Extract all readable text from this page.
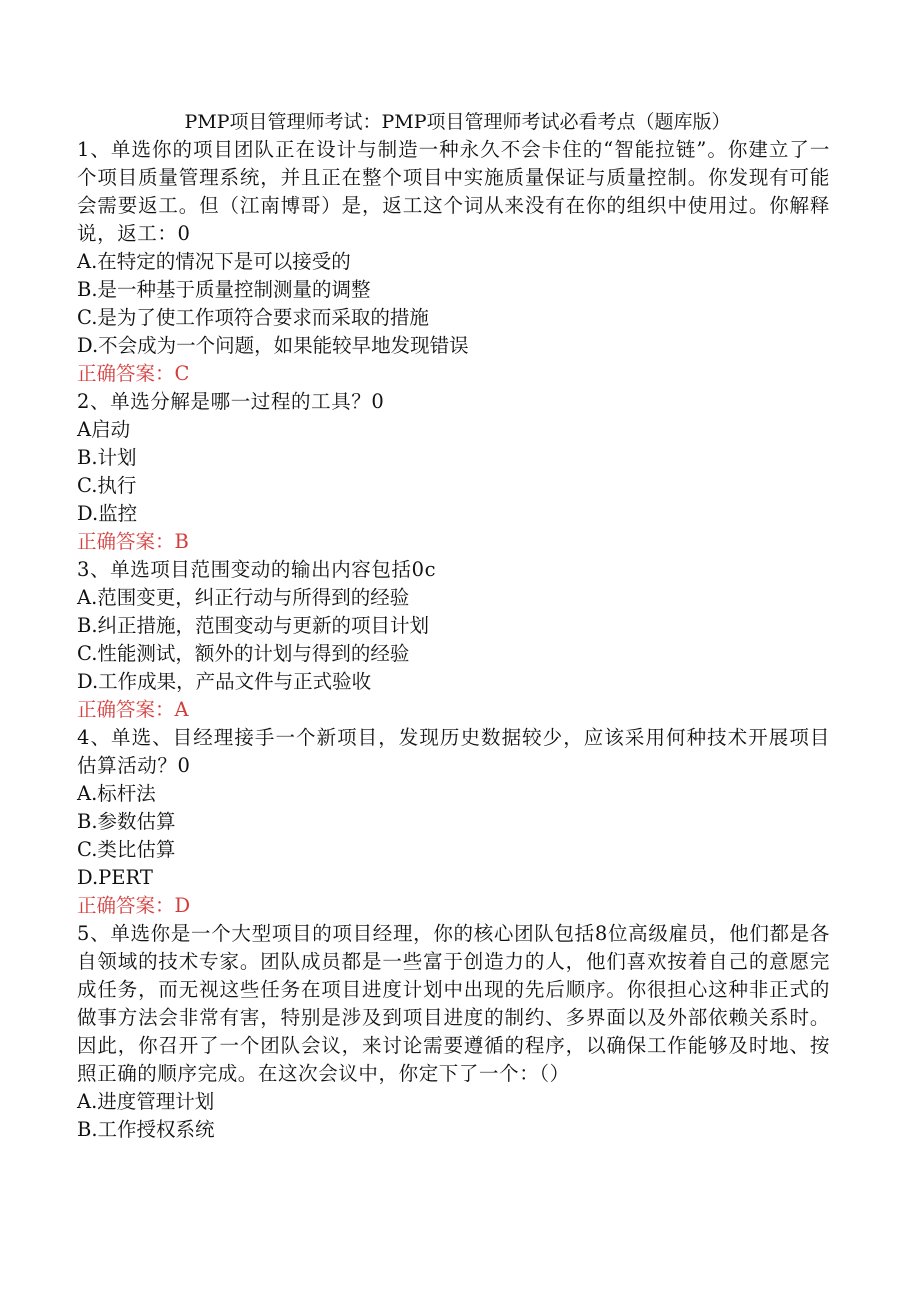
PMP项目管理师考试：PMP项目管理师考试必看考点（题库版）

1、单选你的项目团队正在设计与制造一种永久不会卡住的“智能拉链”。你建立了一个项目质量管理系统，并且正在整个项目中实施质量保证与质量控制。你发现有可能会需要返工。但（江南博哥）是，返工这个词从来没有在你的组织中使用过。你解释说，返工：0

A.在特定的情况下是可以接受的

B.是一种基于质量控制测量的调整

C.是为了使工作项符合要求而采取的措施

D.不会成为一个问题，如果能较早地发现错误

正确答案：C

2、单选分解是哪一过程的工具？0

A启动

B.计划

C.执行

D.监控

正确答案：B

3、单选项目范围变动的输出内容包括0c

A.范围变更，纠正行动与所得到的经验

B.纠正措施，范围变动与更新的项目计划

C.性能测试，额外的计划与得到的经验

D.工作成果，产品文件与正式验收

正确答案：A

4、单选、目经理接手一个新项目，发现历史数据较少，应该采用何种技术开展项目估算活动？0

A.标杆法

B.参数估算

C.类比估算

D.PERT

正确答案：D

5、单选你是一个大型项目的项目经理，你的核心团队包括8位高级雇员，他们都是各自领域的技术专家。团队成员都是一些富于创造力的人，他们喜欢按着自己的意愿完成任务，而无视这些任务在项目进度计划中出现的先后顺序。你很担心这种非正式的做事方法会非常有害，特别是涉及到项目进度的制约、多界面以及外部依赖关系时。因此，你召开了一个团队会议，来讨论需要遵循的程序，以确保工作能够及时地、按照正确的顺序完成。在这次会议中，你定下了一个：（）

A.进度管理计划

B.工作授权系统
